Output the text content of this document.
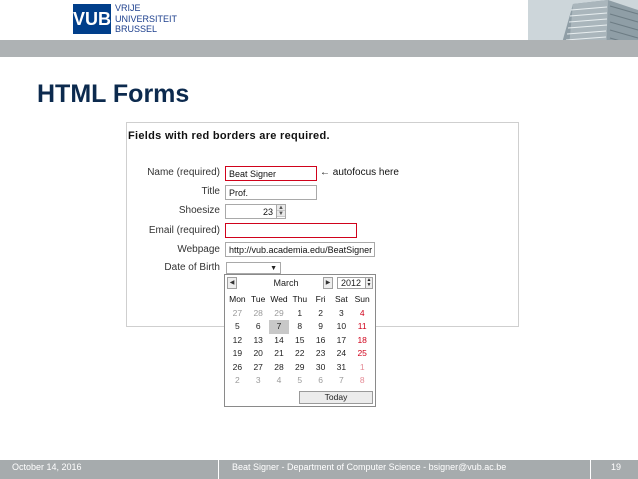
VUB
VRIJE
UNIVERSITEIT
BRUSSEL
HTML Forms
Fields with red borders are required.
Name (required)	Beat Signer	← autofocus here
Title	Prof.
Shoesize	23 ▲
▼
Email (required)
Webpage	http://vub.academia.edu/BeatSigner
Date of Birth	▼
◀	March	▶	2012	▲
▼
Mon Tue Wed Thu	Fri	Sat Sun
27	28	29	1	2	3	4
5	6	7	8	9	10	11
12	13	14	15	16	17	18
19	20	21	22	23	24	25
26	27	28	29	30	31	1
2	3	4	5	6	7	8
Today
October 14, 2016	Beat Signer - Department of Computer Science - bsigner@vub.ac.be	19
